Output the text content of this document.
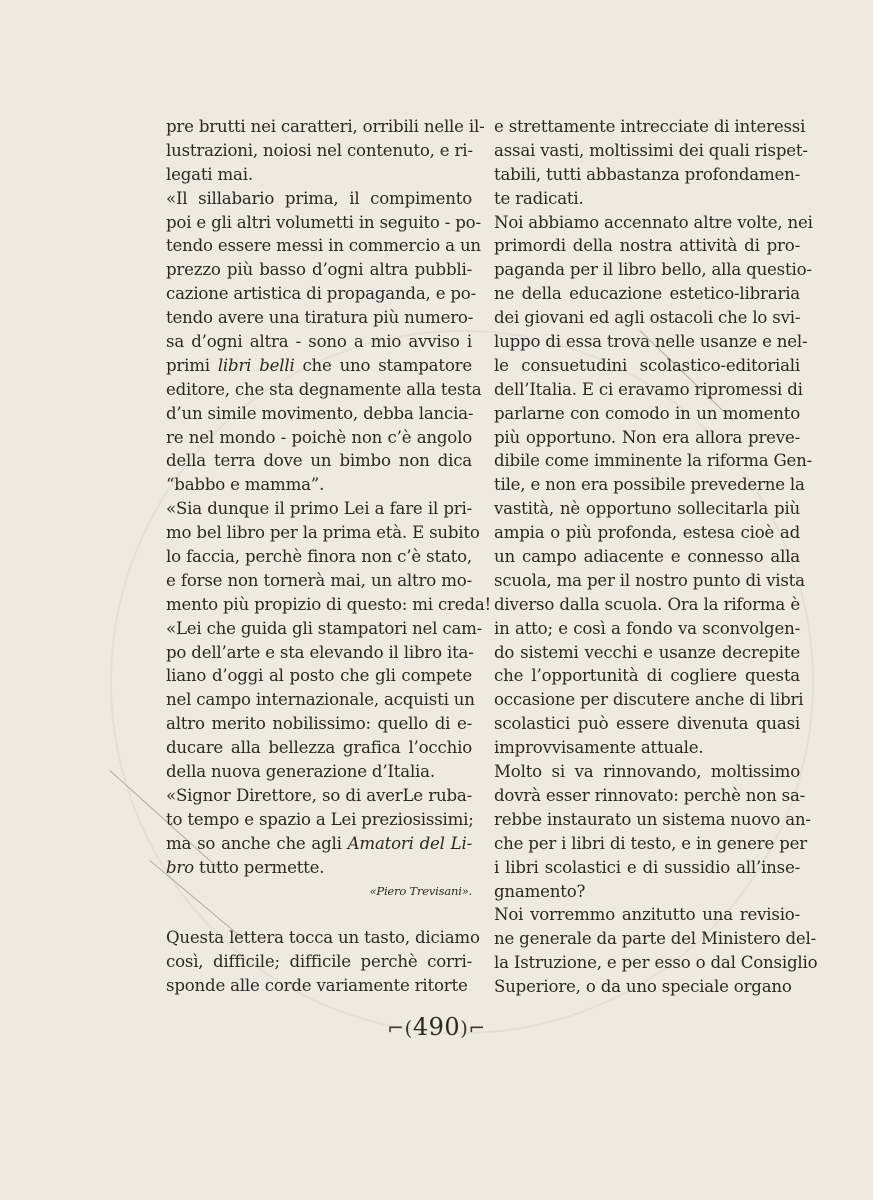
pre brutti nei caratteri, orribili nelle il-
lustrazioni, noiosi nel contenuto, e ri-
legati mai.
«Il sillabario prima, il compimento
poi e gli altri volumetti in seguito - po-
tendo essere messi in commercio a un
prezzo più basso d’ogni altra pubbli-
cazione artistica di propaganda, e po-
tendo avere una tiratura più numero-
sa d’ogni altra - sono a mio avviso i
primi libri belli che uno stampatore
editore, che sta degnamente alla testa
d’un simile movimento, debba lancia-
re nel mondo - poichè non c’è angolo
della terra dove un bimbo non dica
“babbo e mamma”.
«Sia dunque il primo Lei a fare il pri-
mo bel libro per la prima età. E subito
lo faccia, perchè finora non c’è stato,
e forse non tornerà mai, un altro mo-
mento più propizio di questo: mi creda!
«Lei che guida gli stampatori nel cam-
po dell’arte e sta elevando il libro ita-
liano d’oggi al posto che gli compete
nel campo internazionale, acquisti un
altro merito nobilissimo: quello di e-
ducare alla bellezza grafica l’occhio
della nuova generazione d’Italia.
«Signor Direttore, so di averLe ruba-
to tempo e spazio a Lei preziosissimi;
ma so anche che agli Amatori del Li-
bro tutto permette.
«Piero Trevisani».
Questa lettera tocca un tasto, diciamo
così, difficile; difficile perchè corri-
sponde alle corde variamente ritorte
e strettamente intrecciate di interessi
assai vasti, moltissimi dei quali rispet-
tabili, tutti abbastanza profondamen-
te radicati.
Noi abbiamo accennato altre volte, nei
primordi della nostra attività di pro-
paganda per il libro bello, alla questio-
ne della educazione estetico-libraria
dei giovani ed agli ostacoli che lo svi-
luppo di essa trova nelle usanze e nel-
le consuetudini scolastico-editoriali
dell’Italia. E ci eravamo ripromessi di
parlarne con comodo in un momento
più opportuno. Non era allora preve-
dibile come imminente la riforma Gen-
tile, e non era possibile prevederne la
vastità, nè opportuno sollecitarla più
ampia o più profonda, estesa cioè ad
un campo adiacente e connesso alla
scuola, ma per il nostro punto di vista
diverso dalla scuola. Ora la riforma è
in atto; e così a fondo va sconvolgen-
do sistemi vecchi e usanze decrepite
che l’opportunità di cogliere questa
occasione per discutere anche di libri
scolastici può essere divenuta quasi
improvvisamente attuale.
Molto si va rinnovando, moltissimo
dovrà esser rinnovato: perchè non sa-
rebbe instaurato un sistema nuovo an-
che per i libri di testo, e in genere per
i libri scolastici e di sussidio all’inse-
gnamento?
Noi vorremmo anzitutto una revisio-
ne generale da parte del Ministero del-
la Istruzione, e per esso o dal Consiglio
Superiore, o da uno speciale organo
⌐(490)⌐
